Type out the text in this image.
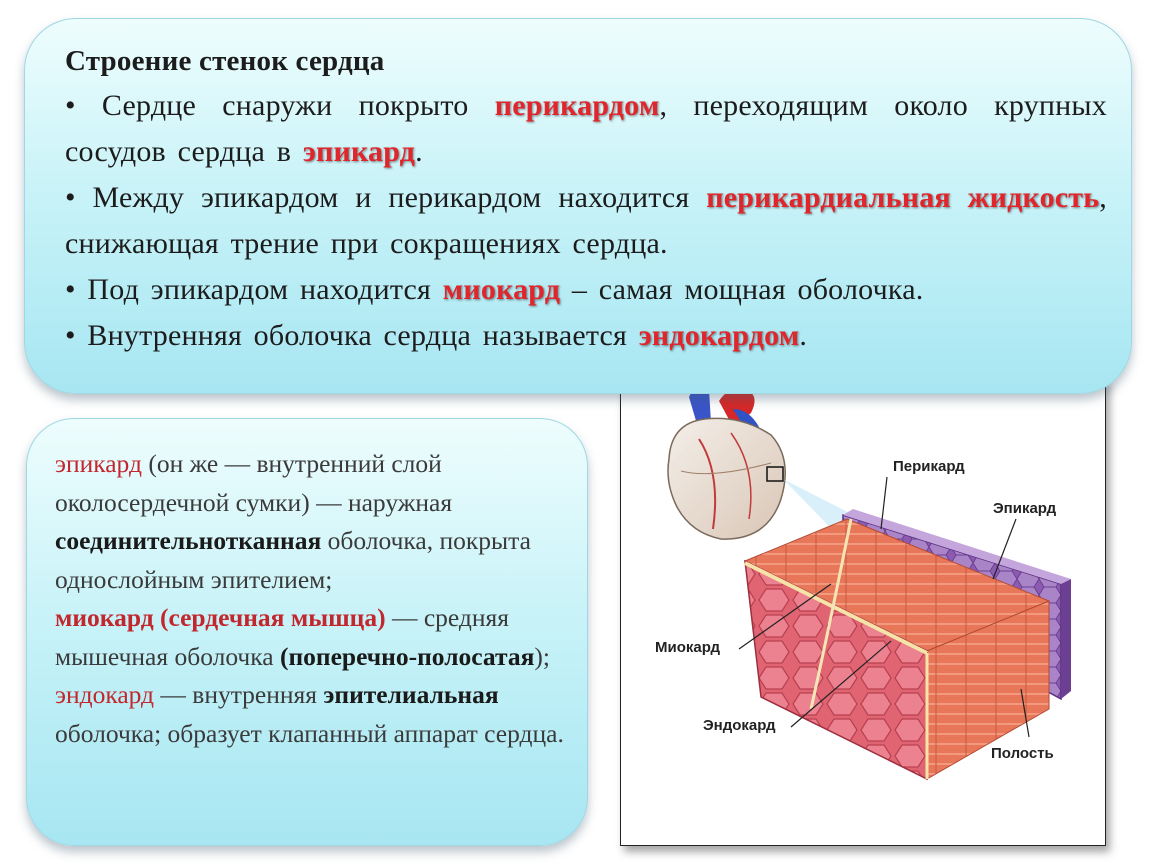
Строение стенок сердца
• Сердце снаружи покрыто перикардом, переходящим около крупных сосудов сердца в эпикард.
• Между эпикардом и перикардом находится перикардиальная жидкость, снижающая трение при сокращениях сердца.
• Под эпикардом находится миокард – самая мощная оболочка.
• Внутренняя оболочка сердца называется эндокардом.
эпикард (он же — внутренний слой околосердечной сумки) — наружная соединительнотканная оболочка, покрыта однослойным эпителием;
миокард (сердечная мышца) — средняя мышечная оболочка (поперечно-полосатая);
эндокард — внутренняя эпителиальная оболочка; образует клапанный аппарат сердца.
Перикард
Эпикард
Миокард
Эндокард
Полость
